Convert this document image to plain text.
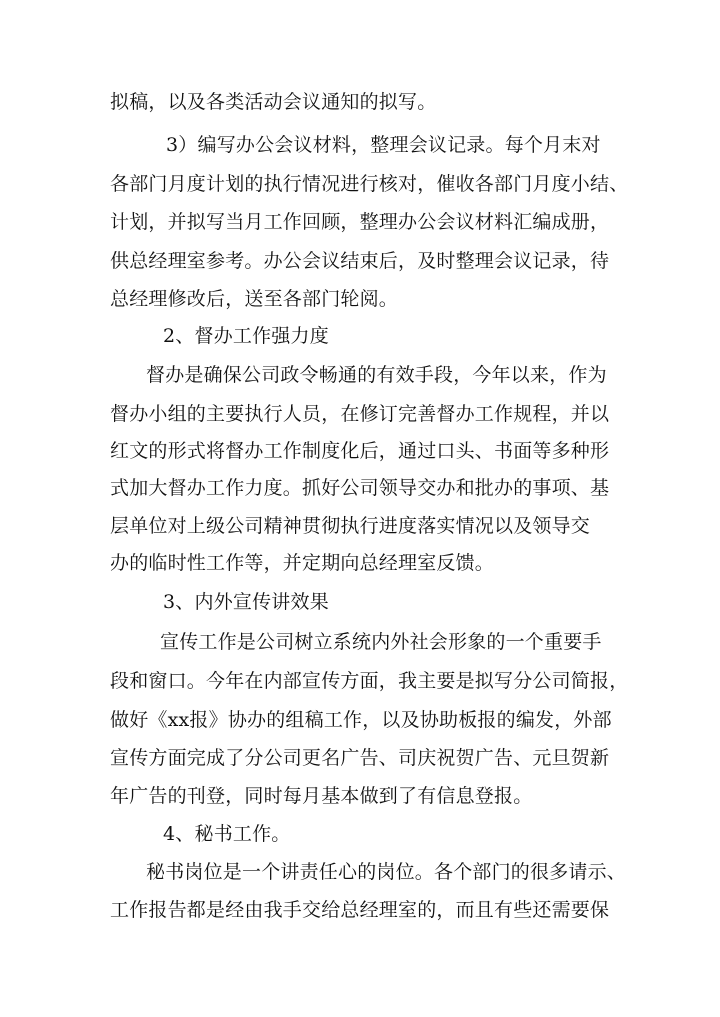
拟稿，以及各类活动会议通知的拟写。
3）编写办公会议材料，整理会议记录。每个月末对
各部门月度计划的执行情况进行核对，催收各部门月度小结、
计划，并拟写当月工作回顾，整理办公会议材料汇编成册，
供总经理室参考。办公会议结束后，及时整理会议记录，待
总经理修改后，送至各部门轮阅。
2、督办工作强力度
督办是确保公司政令畅通的有效手段，今年以来，作为
督办小组的主要执行人员，在修订完善督办工作规程，并以
红文的形式将督办工作制度化后，通过口头、书面等多种形
式加大督办工作力度。抓好公司领导交办和批办的事项、基
层单位对上级公司精神贯彻执行进度落实情况以及领导交
办的临时性工作等，并定期向总经理室反馈。
3、内外宣传讲效果
宣传工作是公司树立系统内外社会形象的一个重要手
段和窗口。今年在内部宣传方面，我主要是拟写分公司简报，
做好《xx报》协办的组稿工作，以及协助板报的编发，外部
宣传方面完成了分公司更名广告、司庆祝贺广告、元旦贺新
年广告的刊登，同时每月基本做到了有信息登报。
4、秘书工作。
秘书岗位是一个讲责任心的岗位。各个部门的很多请示、
工作报告都是经由我手交给总经理室的，而且有些还需要保
